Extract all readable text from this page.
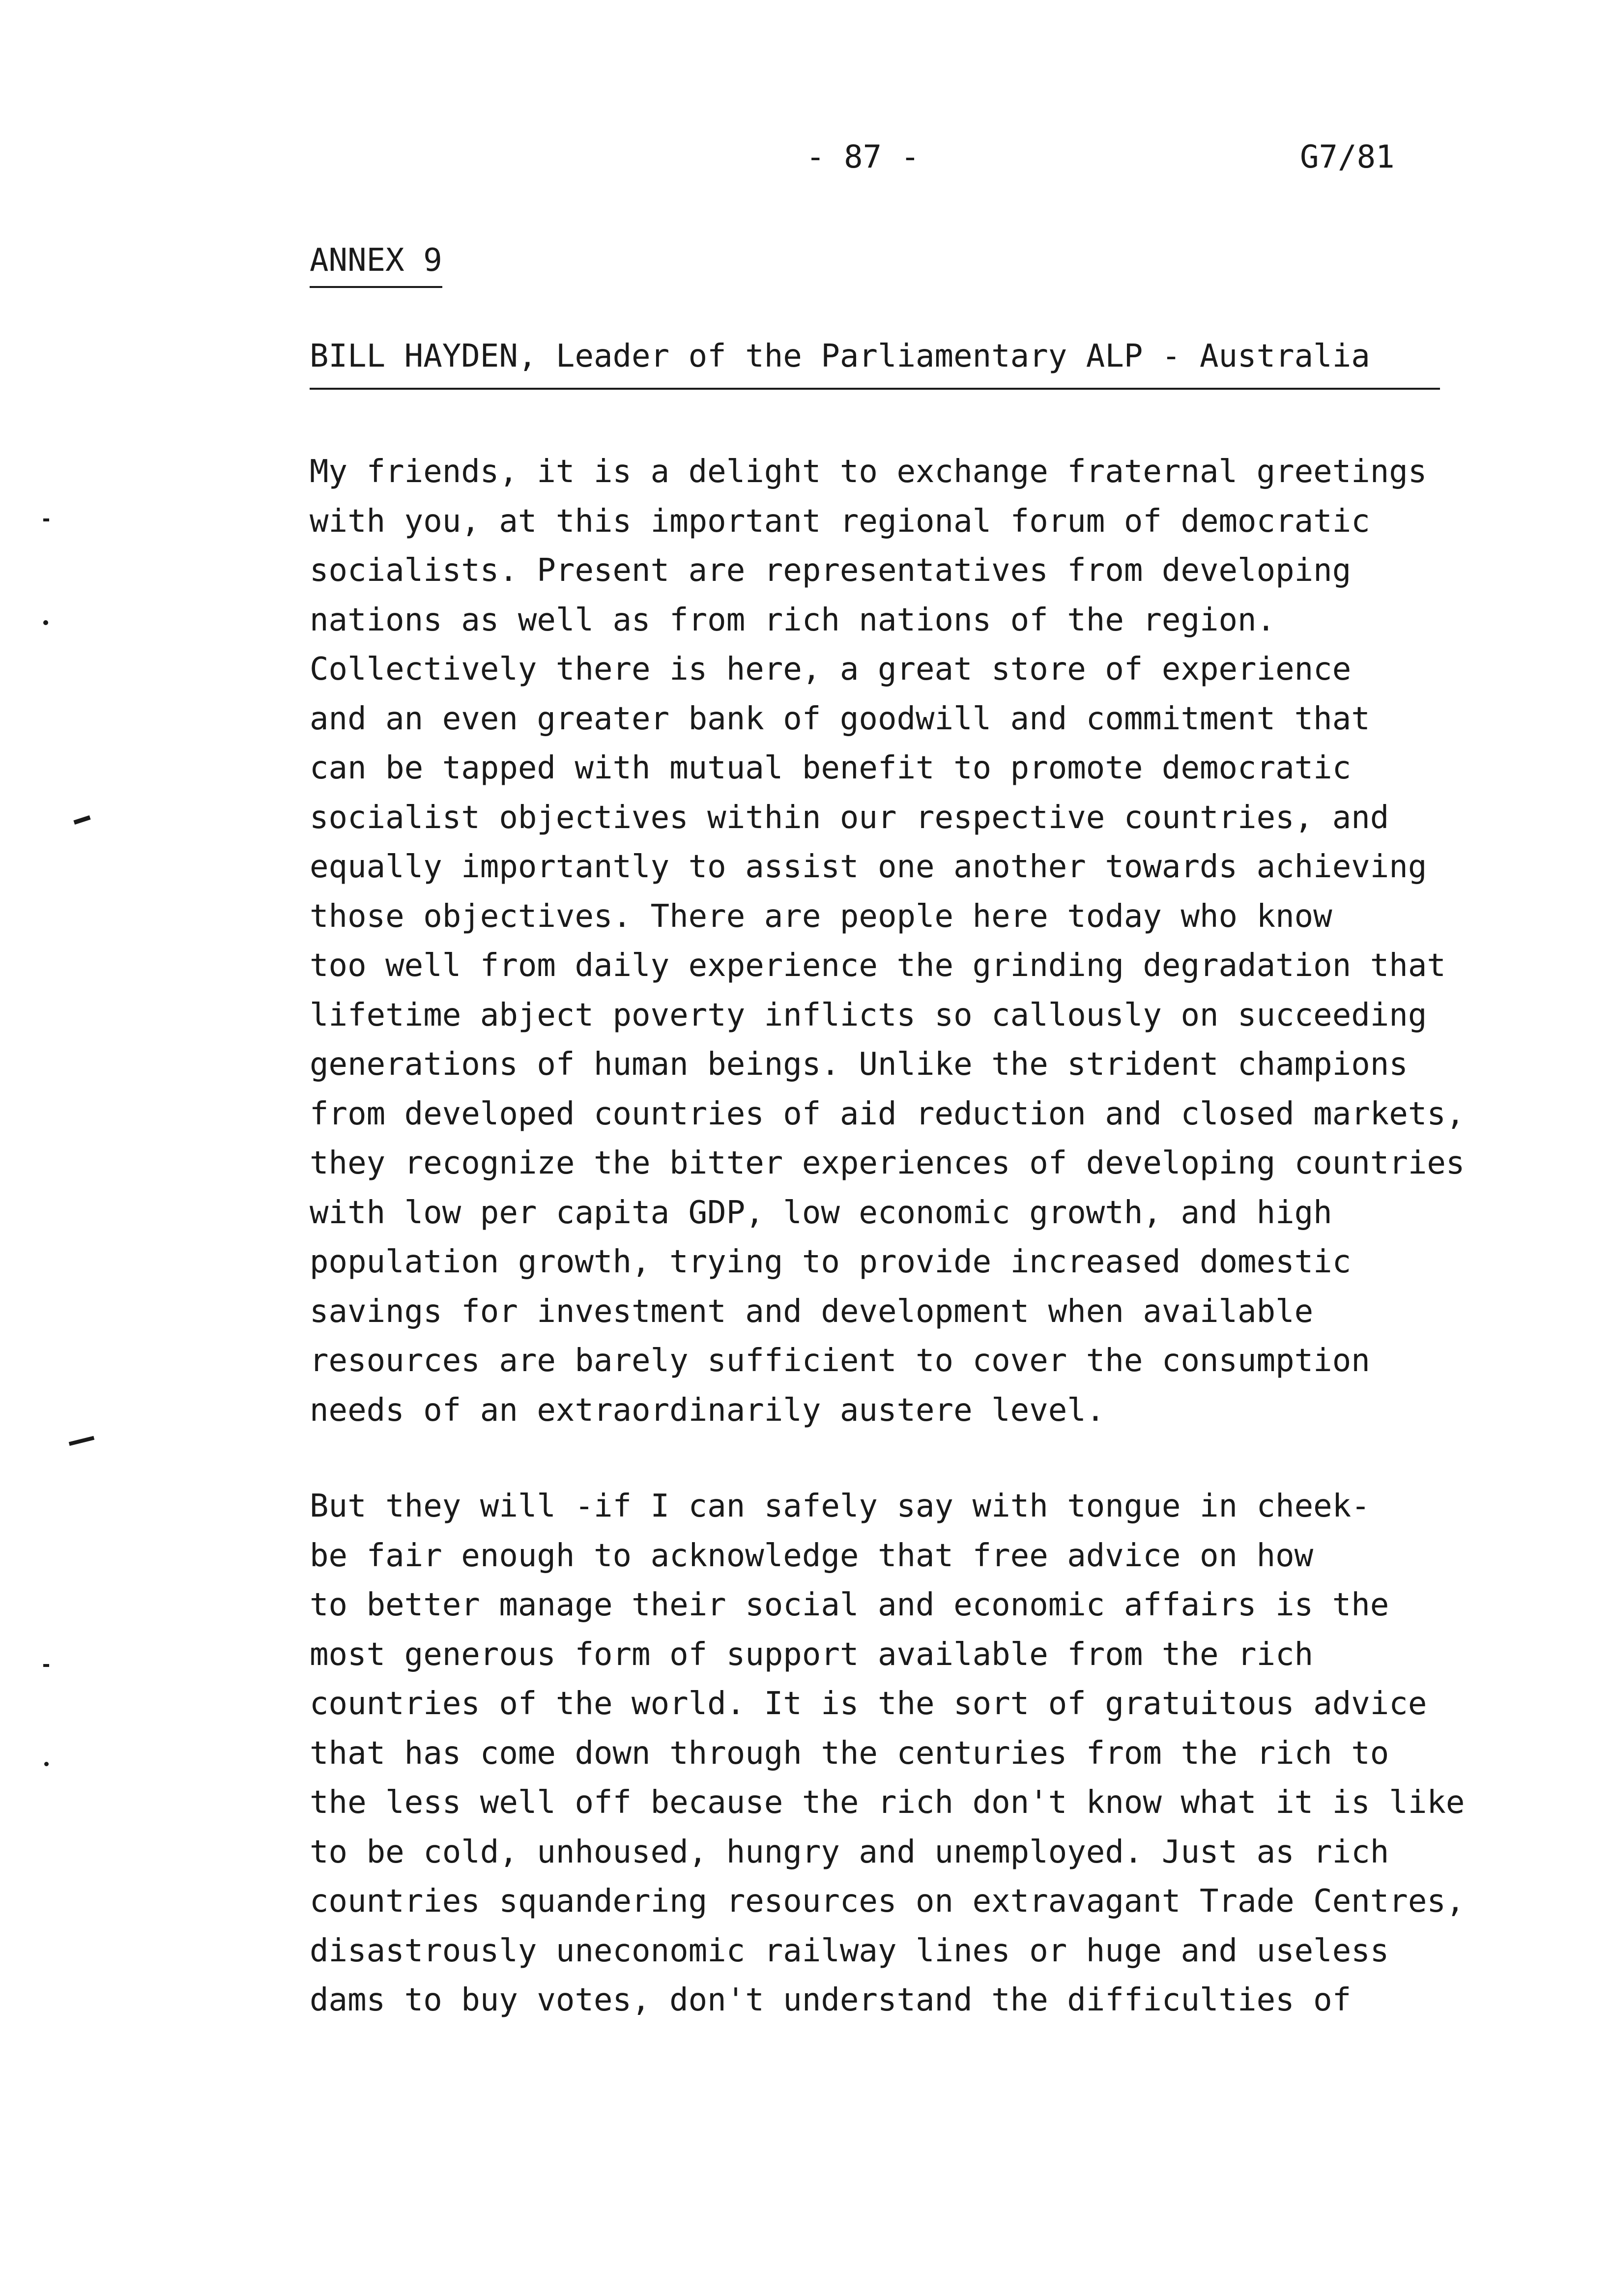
- 87 -	G7/81
ANNEX 9
BILL HAYDEN, Leader of the Parliamentary ALP - Australia

My friends, it is a delight to exchange fraternal greetings
with you, at this important regional forum of democratic
socialists. Present are representatives from developing
nations as well as from rich nations of the region.
Collectively there is here, a great store of experience
and an even greater bank of goodwill and commitment that
can be tapped with mutual benefit to promote democratic
socialist objectives within our respective countries, and
equally importantly to assist one another towards achieving
those objectives. There are people here today who know
too well from daily experience the grinding degradation that
lifetime abject poverty inflicts so callously on succeeding
generations of human beings. Unlike the strident champions
from developed countries of aid reduction and closed markets,
they recognize the bitter experiences of developing countries
with low per capita GDP, low economic growth, and high
population growth, trying to provide increased domestic
savings for investment and development when available
resources are barely sufficient to cover the consumption
needs of an extraordinarily austere level.

But they will -if I can safely say with tongue in cheek-
be fair enough to acknowledge that free advice on how
to better manage their social and economic affairs is the
most generous form of support available from the rich
countries of the world. It is the sort of gratuitous advice
that has come down through the centuries from the rich to
the less well off because the rich don't know what it is like
to be cold, unhoused, hungry and unemployed. Just as rich
countries squandering resources on extravagant Trade Centres,
disastrously uneconomic railway lines or huge and useless
dams to buy votes, don't understand the difficulties of
